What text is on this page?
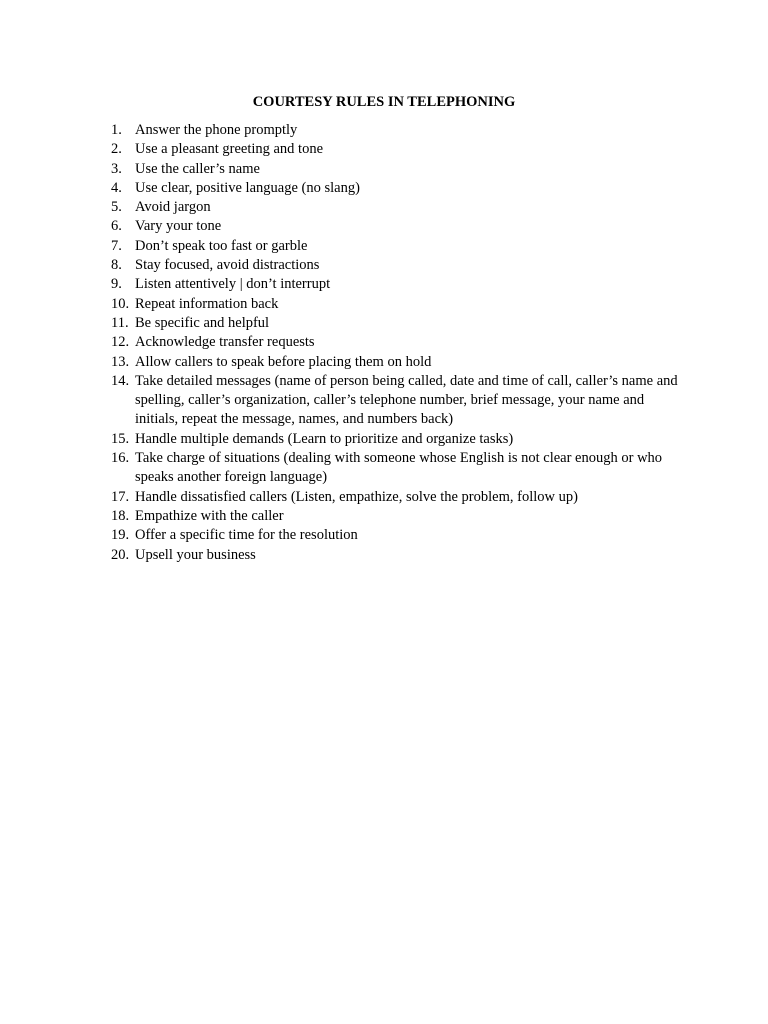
COURTESY RULES IN TELEPHONING
1. Answer the phone promptly
2. Use a pleasant greeting and tone
3. Use the caller’s name
4. Use clear, positive language (no slang)
5. Avoid jargon
6. Vary your tone
7. Don’t speak too fast or garble
8. Stay focused, avoid distractions
9. Listen attentively | don’t interrupt
10. Repeat information back
11. Be specific and helpful
12. Acknowledge transfer requests
13. Allow callers to speak before placing them on hold
14. Take detailed messages (name of person being called, date and time of call, caller’s name and spelling, caller’s organization, caller’s telephone number, brief message, your name and initials, repeat the message, names, and numbers back)
15. Handle multiple demands (Learn to prioritize and organize tasks)
16. Take charge of situations (dealing with someone whose English is not clear enough or who speaks another foreign language)
17. Handle dissatisfied callers (Listen, empathize, solve the problem, follow up)
18. Empathize with the caller
19. Offer a specific time for the resolution
20. Upsell your business
